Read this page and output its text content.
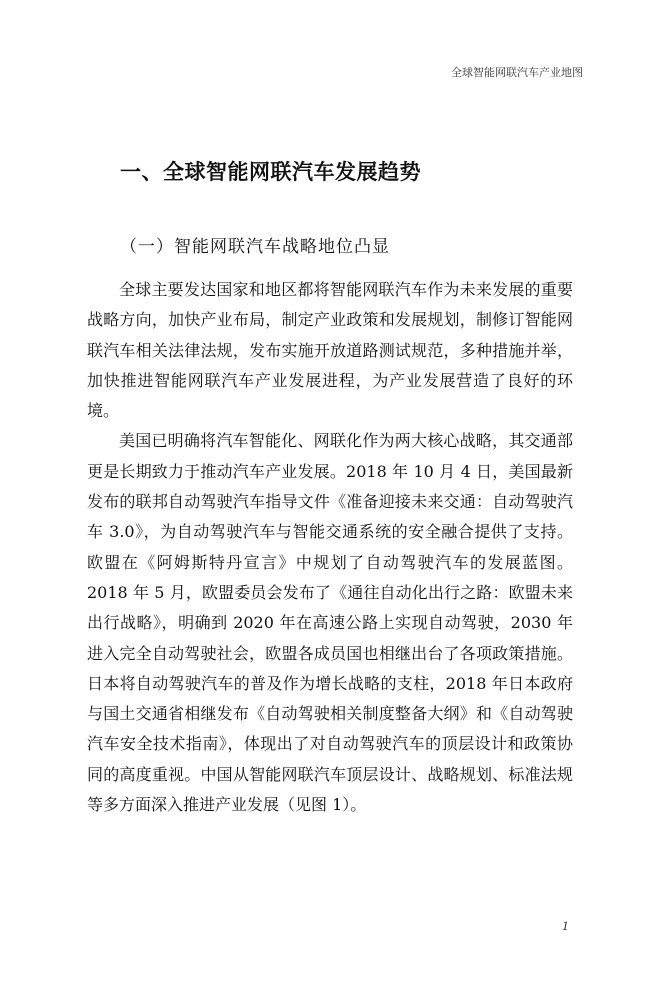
全球智能网联汽车产业地图
一、全球智能网联汽车发展趋势
（一）智能网联汽车战略地位凸显

全球主要发达国家和地区都将智能网联汽车作为未来发展的重要战略方向，加快产业布局，制定产业政策和发展规划，制修订智能网联汽车相关法律法规，发布实施开放道路测试规范，多种措施并举，加快推进智能网联汽车产业发展进程，为产业发展营造了良好的环境。

美国已明确将汽车智能化、网联化作为两大核心战略，其交通部更是长期致力于推动汽车产业发展。2018 年 10 月 4 日，美国最新发布的联邦自动驾驶汽车指导文件《准备迎接未来交通：自动驾驶汽车 3.0》，为自动驾驶汽车与智能交通系统的安全融合提供了支持。欧盟在《阿姆斯特丹宣言》中规划了自动驾驶汽车的发展蓝图。2018 年 5 月，欧盟委员会发布了《通往自动化出行之路：欧盟未来出行战略》，明确到 2020 年在高速公路上实现自动驾驶，2030 年进入完全自动驾驶社会，欧盟各成员国也相继出台了各项政策措施。日本将自动驾驶汽车的普及作为增长战略的支柱，2018 年日本政府与国土交通省相继发布《自动驾驶相关制度整备大纲》和《自动驾驶汽车安全技术指南》，体现出了对自动驾驶汽车的顶层设计和政策协同的高度重视。中国从智能网联汽车顶层设计、战略规划、标准法规等多方面深入推进产业发展（见图 1）。

1
